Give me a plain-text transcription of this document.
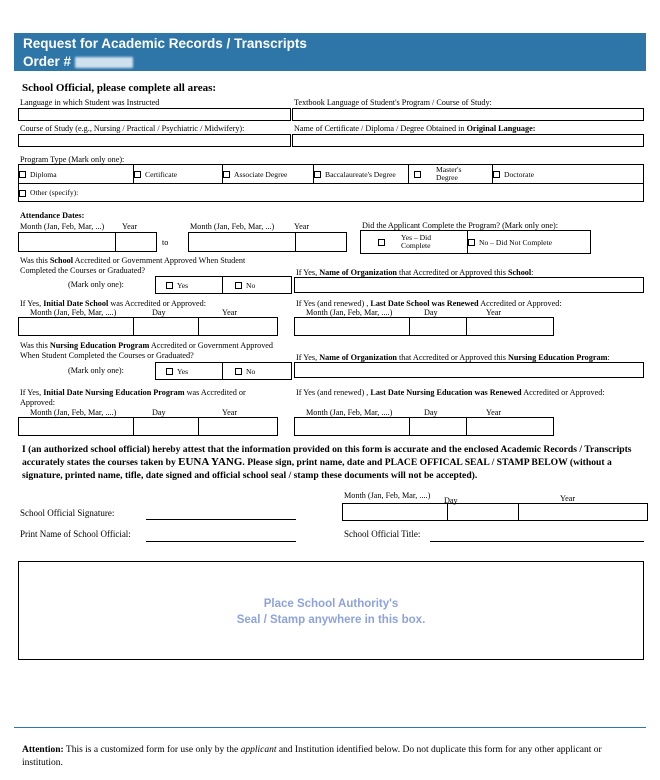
Request for Academic Records / Transcripts
Order #
School Official, please complete all areas:
Language in which Student was Instructed	Textbook Language of Student's Program / Course of Study:
Course of Study (e.g., Nursing / Practical / Psychiatric / Midwifery):	Name of Certificate / Diploma / Degree Obtained in Original Language:
Program Type (Mark only one):
Diploma	Certificate	Associate Degree	Baccalaureate's Degree	Master's Degree	Doctorate
Other (specify):
Attendance Dates:
Month (Jan, Feb, Mar, ...) Year

to
Month (Jan, Feb, Mar, ...) Year
		Did the Applicant Complete the Program? (Mark only one):
Yes – Did Complete	No – Did Not Complete
Was this School Accredited or Government Approved When Student Completed the Courses or Graduated?
(Mark only one):	Yes	No
If Yes, Name of Organization that Accredited or Approved this School:
If Yes, Initial Date School was Accredited or Approved:
Month (Jan, Feb, Mar, ....)	Day	Year

If Yes (and renewed) , Last Date School was Renewed Accredited or Approved:
Month (Jan, Feb, Mar, ....)	Day	Year

Was this Nursing Education Program Accredited or Government Approved When Student Completed the Courses or Graduated?
(Mark only one):	Yes	No
If Yes, Name of Organization that Accredited or Approved this Nursing Education Program:
If Yes, Initial Date Nursing Education Program was Accredited or Approved:
Month (Jan, Feb, Mar, ....)	Day	Year

If Yes (and renewed) , Last Date Nursing Education was Renewed Accredited or Approved:
Month (Jan, Feb, Mar, ....)	Day	Year

I (an authorized school official) hereby attest that the information provided on this form is accurate and the enclosed Academic Records / Transcripts accurately states the courses taken by EUNA YANG. Please sign, print name, date and PLACE OFFICAL SEAL / STAMP BELOW (without a signature, printed name, tifle, date signed and official school seal / stamp these documents will not be accepted).
Month (Jan, Feb, Mar, ....)
Day	Year

School Official Signature:
Print Name of School Official:	School Official Title:
Place School Authority's
Seal / Stamp anywhere in this box.
Attention: This is a customized form for use only by the applicant and Institution identified below. Do not duplicate this form for any other applicant or institution.
